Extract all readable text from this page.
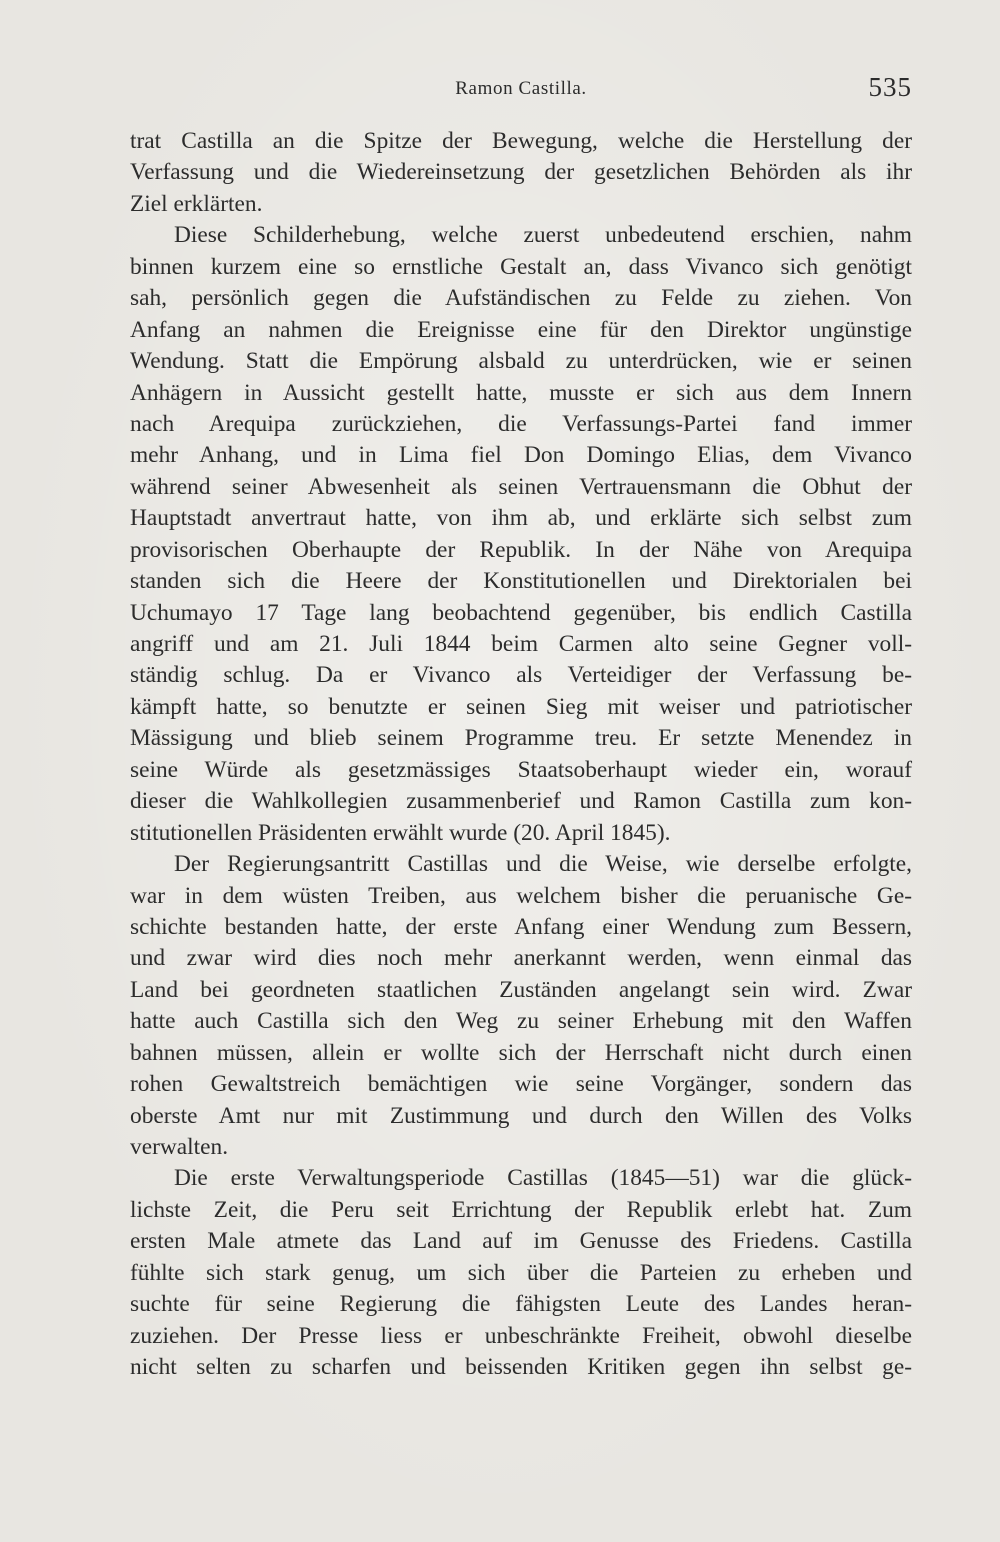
Ramon Castilla.	535
trat Castilla an die Spitze der Bewegung, welche die Herstellung der
Verfassung und die Wiedereinsetzung der gesetzlichen Behörden als ihr
Ziel erklärten.
Diese Schilderhebung, welche zuerst unbedeutend erschien, nahm
binnen kurzem eine so ernstliche Gestalt an, dass Vivanco sich genötigt
sah, persönlich gegen die Aufständischen zu Felde zu ziehen. Von
Anfang an nahmen die Ereignisse eine für den Direktor ungünstige
Wendung. Statt die Empörung alsbald zu unterdrücken, wie er seinen
Anhägern in Aussicht gestellt hatte, musste er sich aus dem Innern
nach Arequipa zurückziehen, die Verfassungs-Partei fand immer
mehr Anhang, und in Lima fiel Don Domingo Elias, dem Vivanco
während seiner Abwesenheit als seinen Vertrauensmann die Obhut der
Hauptstadt anvertraut hatte, von ihm ab, und erklärte sich selbst zum
provisorischen Oberhaupte der Republik. In der Nähe von Arequipa
standen sich die Heere der Konstitutionellen und Direktorialen bei
Uchumayo 17 Tage lang beobachtend gegenüber, bis endlich Castilla
angriff und am 21. Juli 1844 beim Carmen alto seine Gegner voll-
ständig schlug. Da er Vivanco als Verteidiger der Verfassung be-
kämpft hatte, so benutzte er seinen Sieg mit weiser und patriotischer
Mässigung und blieb seinem Programme treu. Er setzte Menendez in
seine Würde als gesetzmässiges Staatsoberhaupt wieder ein, worauf
dieser die Wahlkollegien zusammenberief und Ramon Castilla zum kon-
stitutionellen Präsidenten erwählt wurde (20. April 1845).
Der Regierungsantritt Castillas und die Weise, wie derselbe erfolgte,
war in dem wüsten Treiben, aus welchem bisher die peruanische Ge-
schichte bestanden hatte, der erste Anfang einer Wendung zum Bessern,
und zwar wird dies noch mehr anerkannt werden, wenn einmal das
Land bei geordneten staatlichen Zuständen angelangt sein wird. Zwar
hatte auch Castilla sich den Weg zu seiner Erhebung mit den Waffen
bahnen müssen, allein er wollte sich der Herrschaft nicht durch einen
rohen Gewaltstreich bemächtigen wie seine Vorgänger, sondern das
oberste Amt nur mit Zustimmung und durch den Willen des Volks
verwalten.
Die erste Verwaltungsperiode Castillas (1845—51) war die glück-
lichste Zeit, die Peru seit Errichtung der Republik erlebt hat. Zum
ersten Male atmete das Land auf im Genusse des Friedens. Castilla
fühlte sich stark genug, um sich über die Parteien zu erheben und
suchte für seine Regierung die fähigsten Leute des Landes heran-
zuziehen. Der Presse liess er unbeschränkte Freiheit, obwohl dieselbe
nicht selten zu scharfen und beissenden Kritiken gegen ihn selbst ge-
